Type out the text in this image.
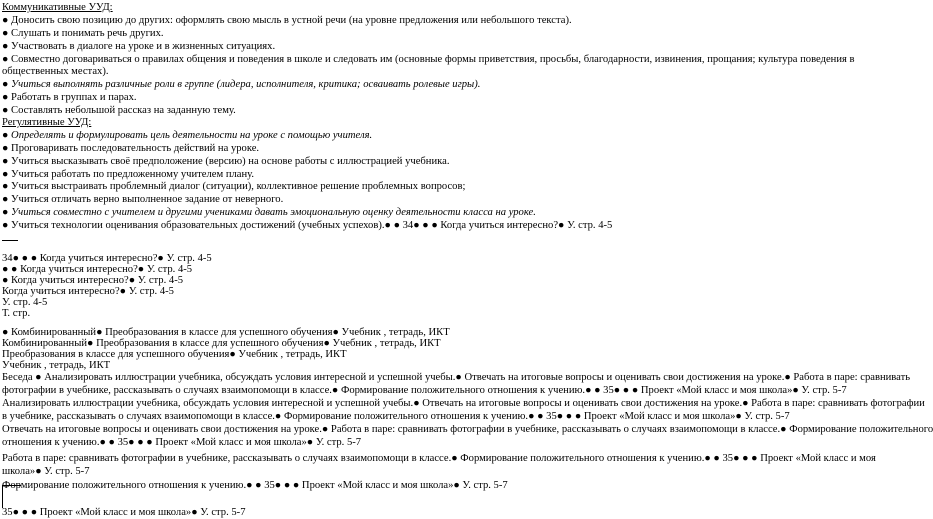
Коммуникативные УУД:
● Доносить свою позицию до других: оформлять свою мысль в устной речи (на уровне предложения или небольшого текста).
● Слушать и понимать речь других.
● Участвовать в диалоге на уроке и в жизненных ситуациях.
● Совместно договариваться о правилах общения и поведения в школе и следовать им (основные формы приветствия, просьбы, благодарности, извинения, прощания; культура поведения в
общественных местах).
● Учиться выполнять различные роли в группе (лидера, исполнителя, критика; осваивать ролевые игры).
● Работать в группах и парах.
● Составлять небольшой рассказ на заданную тему.
Регулятивные УУД:
● Определять и формулировать цель деятельности на уроке с помощью учителя.
● Проговаривать последовательность действий на уроке.
● Учиться высказывать своё предположение (версию) на основе работы с иллюстрацией учебника.
● Учиться работать по предложенному учителем плану.
● Учиться выстраивать проблемный диалог (ситуации), коллективное решение проблемных вопросов;
● Учиться отличать верно выполненное задание от неверного.
● Учиться совместно с учителем и другими учениками давать эмоциональную оценку деятельности класса на уроке.
● Учиться технологии оценивания образовательных достижений (учебных успехов).● ● 34● ● ● Когда учиться интересно?● У. стр. 4-5
34● ● ● Когда учиться интересно?● У. стр. 4-5
● ● Когда учиться интересно?● У. стр. 4-5
● Когда учиться интересно?● У. стр. 4-5
Когда учиться интересно?● У. стр. 4-5
У. стр. 4-5
Т. стр.
● Комбинированный● Преобразования в классе для успешного обучения● Учебник , тетрадь, ИКТ
Комбинированный● Преобразования в классе для успешного обучения● Учебник , тетрадь, ИКТ
Преобразования в классе для успешного обучения● Учебник , тетрадь, ИКТ
Учебник , тетрадь, ИКТ
Беседа ● Анализировать иллюстрации учебника, обсуждать условия интересной и успешной учебы.● Отвечать на итоговые вопросы и оценивать свои достижения на уроке.● Работа в паре: сравнивать
фотографии в учебнике, рассказывать о случаях взаимопомощи в классе.● Формирование положительного отношения к учению.● ● 35● ● ● Проект «Мой класс и моя школа»● У. стр. 5-7
Анализировать иллюстрации учебника, обсуждать условия интересной и успешной учебы.● Отвечать на итоговые вопросы и оценивать свои достижения на уроке.● Работа в паре: сравнивать фотографии
в учебнике, рассказывать о случаях взаимопомощи в классе.● Формирование положительного отношения к учению.● ● 35● ● ● Проект «Мой класс и моя школа»● У. стр. 5-7
Отвечать на итоговые вопросы и оценивать свои достижения на уроке.● Работа в паре: сравнивать фотографии в учебнике, рассказывать о случаях взаимопомощи в классе.● Формирование положительного
отношения к учению.● ● 35● ● ● Проект «Мой класс и моя школа»● У. стр. 5-7
Работа в паре: сравнивать фотографии в учебнике, рассказывать о случаях взаимопомощи в классе.● Формирование положительного отношения к учению.● ● 35● ● ● Проект «Мой класс и моя
школа»● У. стр. 5-7
Формирование положительного отношения к учению.● ● 35● ● ● Проект «Мой класс и моя школа»● У. стр. 5-7
35● ● ● Проект «Мой класс и моя школа»● У. стр. 5-7
